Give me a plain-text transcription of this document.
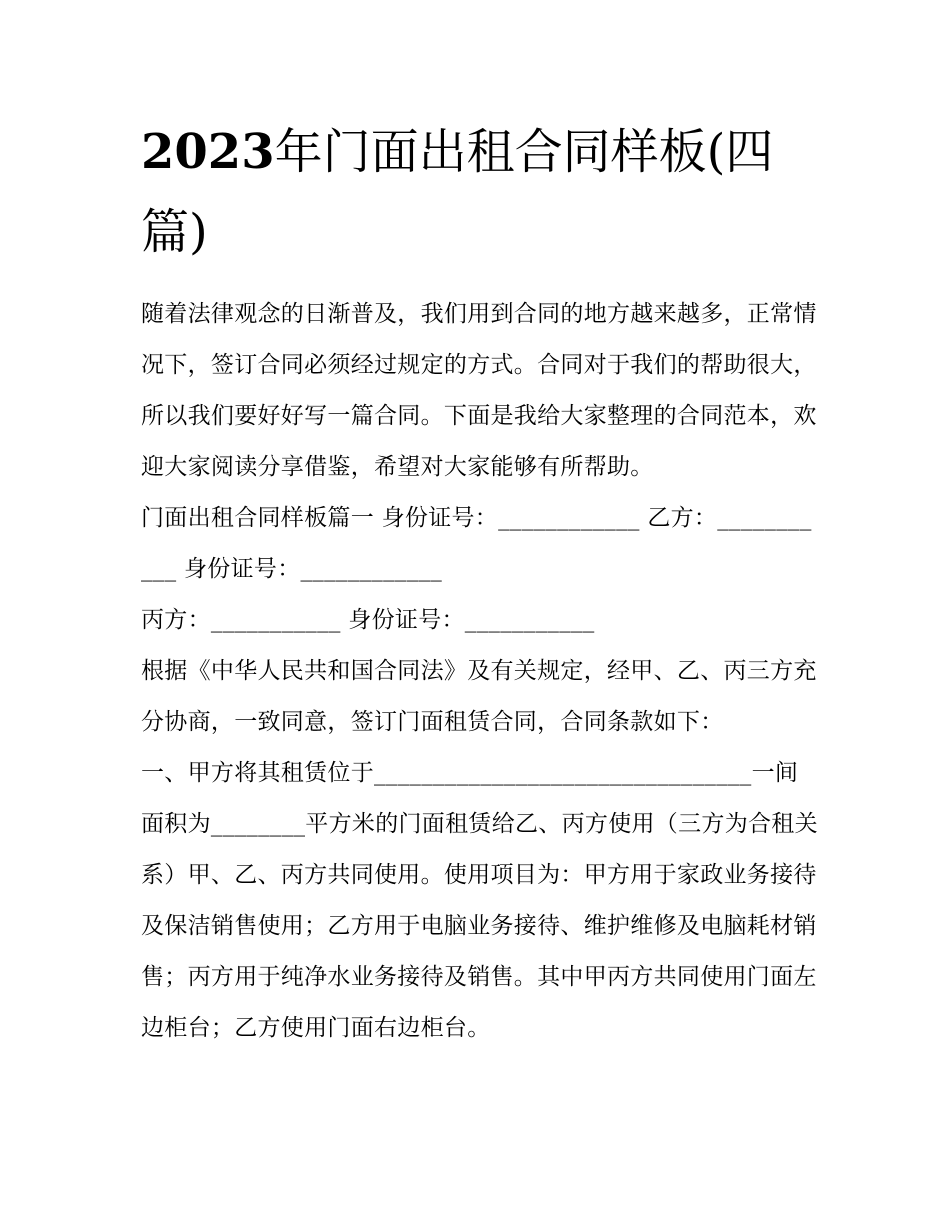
2023年门面出租合同样板(四篇)

随着法律观念的日渐普及，我们用到合同的地方越来越多，正常情况下，签订合同必须经过规定的方式。合同对于我们的帮助很大，所以我们要好好写一篇合同。下面是我给大家整理的合同范本，欢迎大家阅读分享借鉴，希望对大家能够有所帮助。

门面出租合同样板篇一 身份证号：____________ 乙方：___________ 身份证号：____________

丙方：___________ 身份证号：___________

根据《中华人民共和国合同法》及有关规定，经甲、乙、丙三方充分协商，一致同意，签订门面租赁合同，合同条款如下：

一、甲方将其租赁位于________________________________一间面积为________平方米的门面租赁给乙、丙方使用（三方为合租关系）甲、乙、丙方共同使用。使用项目为：甲方用于家政业务接待及保洁销售使用；乙方用于电脑业务接待、维护维修及电脑耗材销售；丙方用于纯净水业务接待及销售。其中甲丙方共同使用门面左边柜台；乙方使用门面右边柜台。
